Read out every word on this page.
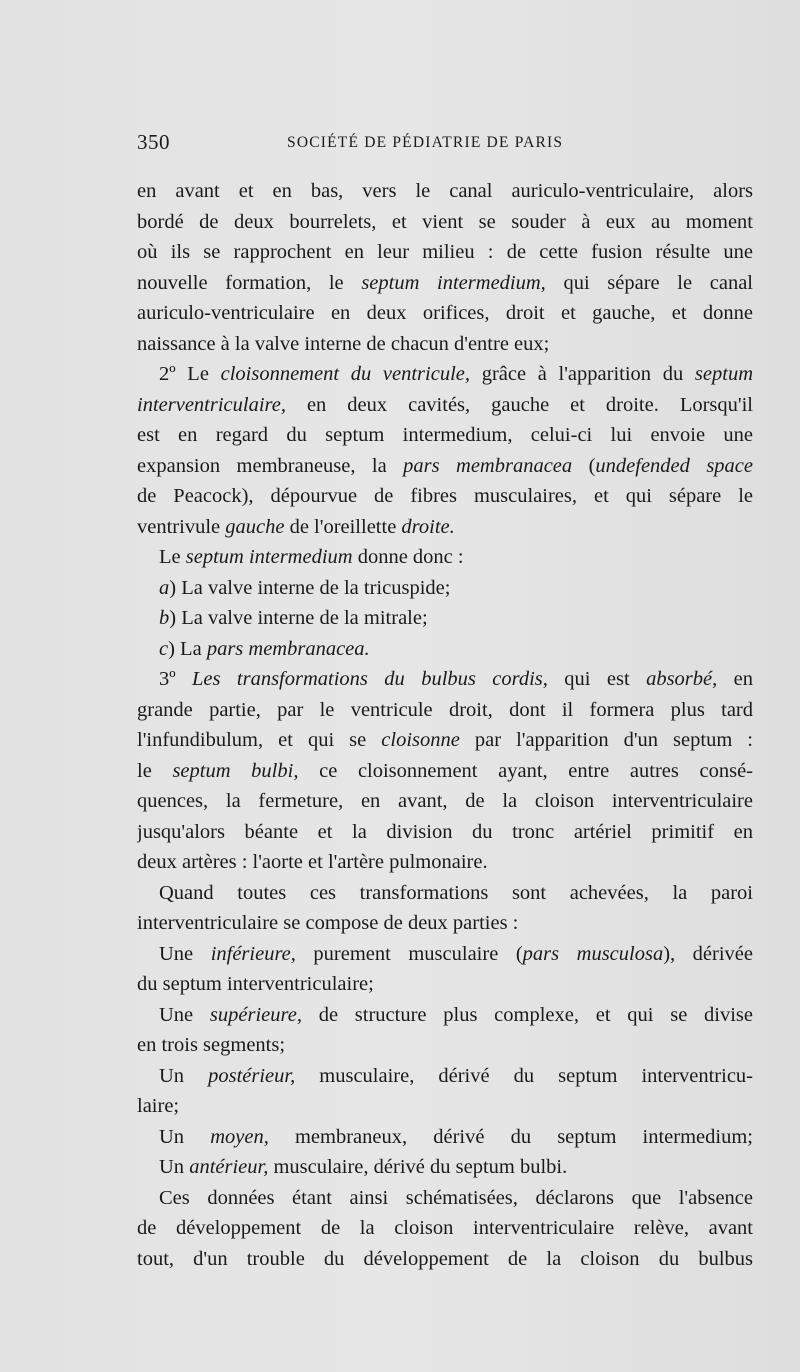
350	SOCIÉTÉ DE PÉDIATRIE DE PARIS
en avant et en bas, vers le canal auriculo-ventriculaire, alors
bordé de deux bourrelets, et vient se souder à eux au moment
où ils se rapprochent en leur milieu : de cette fusion résulte une
nouvelle formation, le septum intermedium, qui sépare le canal
auriculo-ventriculaire en deux orifices, droit et gauche, et donne
naissance à la valve interne de chacun d'entre eux;
2º Le cloisonnement du ventricule, grâce à l'apparition du septum
interventriculaire, en deux cavités, gauche et droite. Lorsqu'il
est en regard du septum intermedium, celui-ci lui envoie une
expansion membraneuse, la pars membranacea (undefended space
de Peacock), dépourvue de fibres musculaires, et qui sépare le
ventrivule gauche de l'oreillette droite.
Le septum intermedium donne donc :
a) La valve interne de la tricuspide;
b) La valve interne de la mitrale;
c) La pars membranacea.
3º Les transformations du bulbus cordis, qui est absorbé, en
grande partie, par le ventricule droit, dont il formera plus tard
l'infundibulum, et qui se cloisonne par l'apparition d'un septum :
le septum bulbi, ce cloisonnement ayant, entre autres consé-
quences, la fermeture, en avant, de la cloison interventriculaire
jusqu'alors béante et la division du tronc artériel primitif en
deux artères : l'aorte et l'artère pulmonaire.
Quand toutes ces transformations sont achevées, la paroi
interventriculaire se compose de deux parties :
Une inférieure, purement musculaire (pars musculosa), dérivée
du septum interventriculaire;
Une supérieure, de structure plus complexe, et qui se divise
en trois segments;
Un postérieur, musculaire, dérivé du septum interventricu-
laire;
Un moyen, membraneux, dérivé du septum intermedium;
Un antérieur, musculaire, dérivé du septum bulbi.
Ces données étant ainsi schématisées, déclarons que l'absence
de développement de la cloison interventriculaire relève, avant
tout, d'un trouble du développement de la cloison du bulbus
